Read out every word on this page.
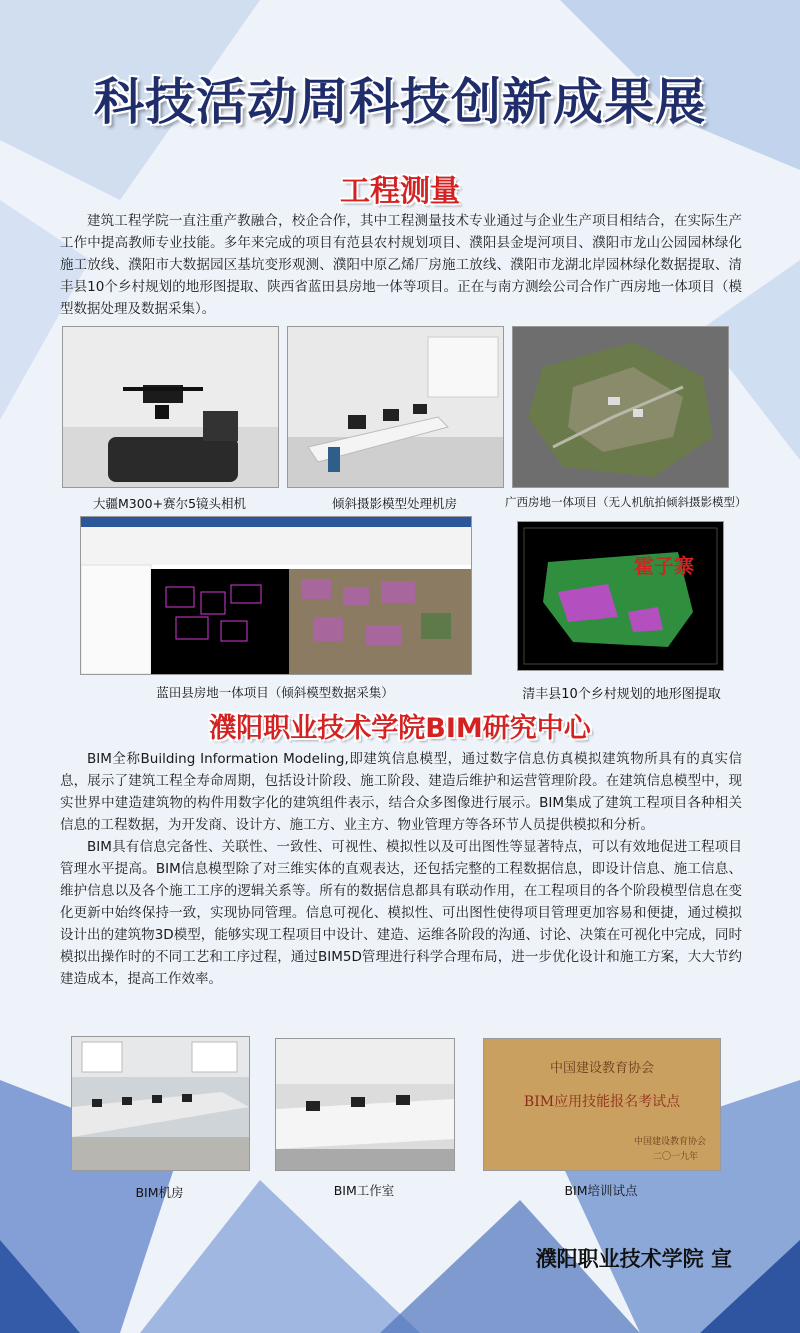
科技活动周科技创新成果展
工程测量

建筑工程学院一直注重产教融合，校企合作，其中工程测量技术专业通过与企业生产项目相结合，在实际生产工作中提高教师专业技能。多年来完成的项目有范县农村规划项目、濮阳县金堤河项目、濮阳市龙山公园园林绿化施工放线、濮阳市大数据园区基坑变形观测、濮阳中原乙烯厂房施工放线、濮阳市龙湖北岸园林绿化数据提取、清丰县10个乡村规划的地形图提取、陕西省蓝田县房地一体等项目。正在与南方测绘公司合作广西房地一体项目（模型数据处理及数据采集）。

大疆M300+赛尔5镜头相机	倾斜摄影模型处理机房	广西房地一体项目（无人机航拍倾斜摄影模型）
霍子寨
蓝田县房地一体项目（倾斜模型数据采集）	清丰县10个乡村规划的地形图提取
濮阳职业技术学院BIM研究中心

BIM全称Building Information Modeling,即建筑信息模型，通过数字信息仿真模拟建筑物所具有的真实信息，展示了建筑工程全寿命周期，包括设计阶段、施工阶段、建造后维护和运营管理阶段。在建筑信息模型中，现实世界中建造建筑物的构件用数字化的建筑组件表示，结合众多图像进行展示。BIM集成了建筑工程项目各种相关信息的工程数据，为开发商、设计方、施工方、业主方、物业管理方等各环节人员提供模拟和分析。

BIM具有信息完备性、关联性、一致性、可视性、模拟性以及可出图性等显著特点，可以有效地促进工程项目管理水平提高。BIM信息模型除了对三维实体的直观表达，还包括完整的工程数据信息，即设计信息、施工信息、维护信息以及各个施工工序的逻辑关系等。所有的数据信息都具有联动作用，在工程项目的各个阶段模型信息在变化更新中始终保持一致，实现协同管理。信息可视化、模拟性、可出图性使得项目管理更加容易和便捷，通过模拟设计出的建筑物3D模型，能够实现工程项目中设计、建造、运维各阶段的沟通、讨论、决策在可视化中完成，同时模拟出操作时的不同工艺和工序过程，通过BIM5D管理进行科学合理布局，进一步优化设计和施工方案，大大节约建造成本，提高工作效率。

中国建设教育协会
BIM应用技能报名考试点
中国建设教育协会
二〇一九年
BIM机房	BIM工作室	BIM培训试点
濮阳职业技术学院 宣
